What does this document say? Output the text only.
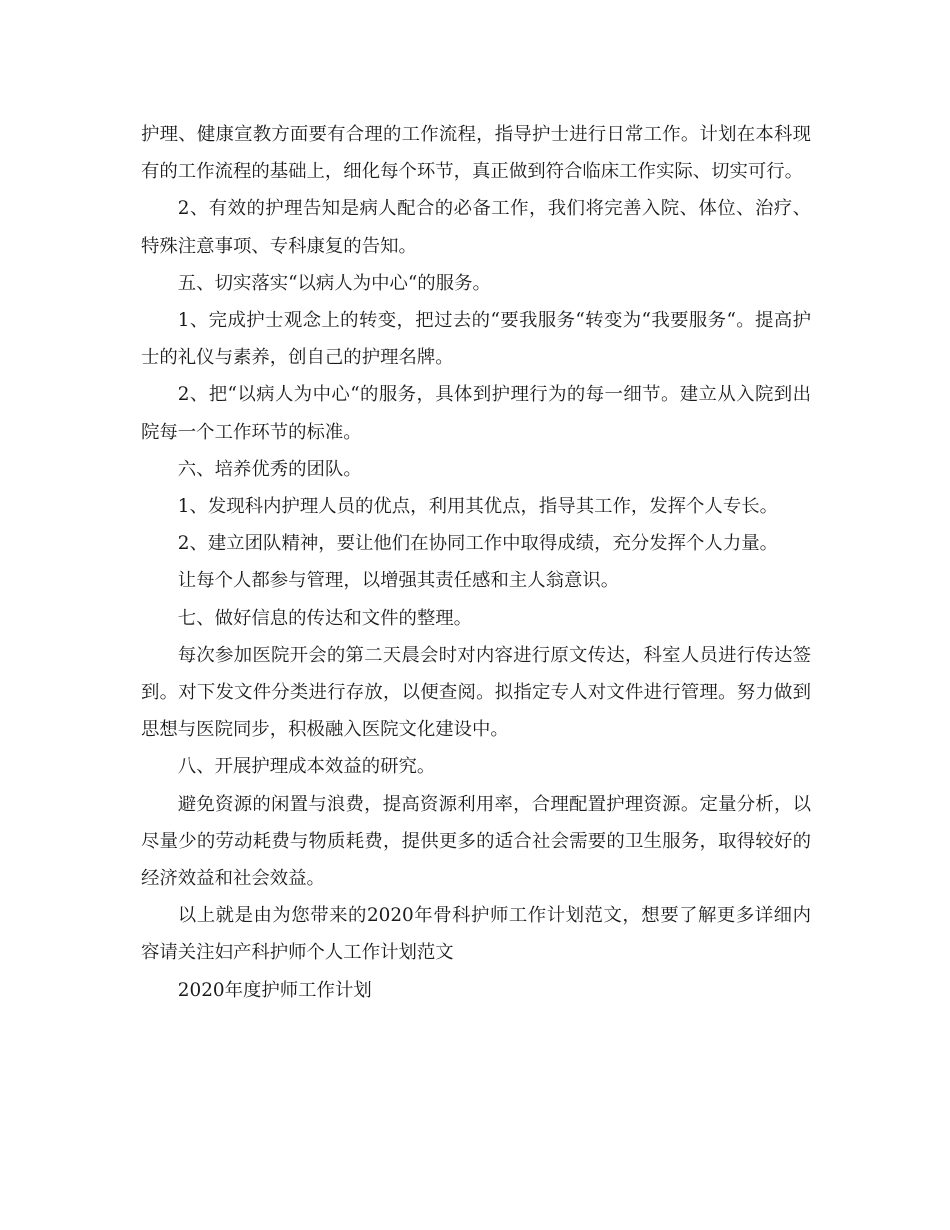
护理、健康宣教方面要有合理的工作流程，指导护士进行日常工作。计划在本科现有的工作流程的基础上，细化每个环节，真正做到符合临床工作实际、切实可行。

2、有效的护理告知是病人配合的必备工作，我们将完善入院、体位、治疗、特殊注意事项、专科康复的告知。

五、切实落实“以病人为中心“的服务。

1、完成护士观念上的转变，把过去的“要我服务“转变为“我要服务“。提高护士的礼仪与素养，创自己的护理名牌。

2、把“以病人为中心“的服务，具体到护理行为的每一细节。建立从入院到出院每一个工作环节的标准。

六、培养优秀的团队。

1、发现科内护理人员的优点，利用其优点，指导其工作，发挥个人专长。

2、建立团队精神，要让他们在协同工作中取得成绩，充分发挥个人力量。

让每个人都参与管理，以增强其责任感和主人翁意识。

七、做好信息的传达和文件的整理。

每次参加医院开会的第二天晨会时对内容进行原文传达，科室人员进行传达签到。对下发文件分类进行存放，以便查阅。拟指定专人对文件进行管理。努力做到思想与医院同步，积极融入医院文化建设中。

八、开展护理成本效益的研究。

避免资源的闲置与浪费，提高资源利用率，合理配置护理资源。定量分析，以尽量少的劳动耗费与物质耗费，提供更多的适合社会需要的卫生服务，取得较好的经济效益和社会效益。

以上就是由为您带来的2020年骨科护师工作计划范文，想要了解更多详细内容请关注妇产科护师个人工作计划范文

2020年度护师工作计划
